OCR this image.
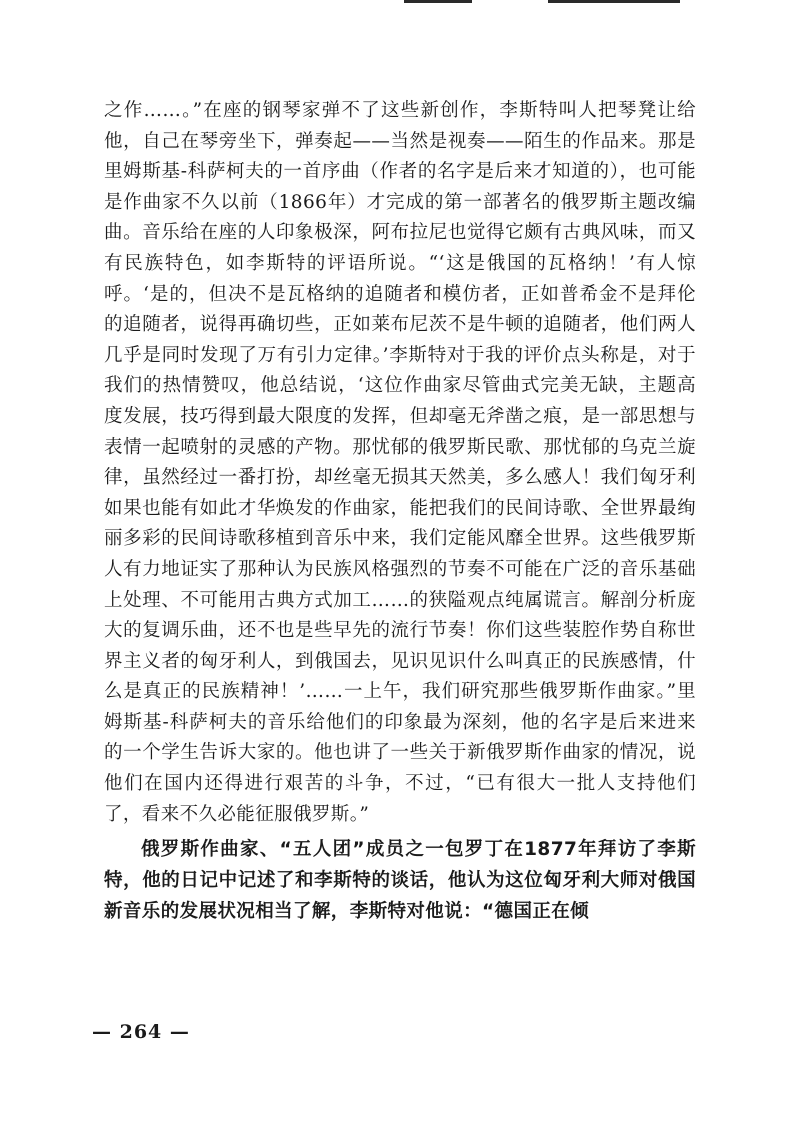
之作……。”在座的钢琴家弹不了这些新创作，李斯特叫人把琴凳让给他，自己在琴旁坐下，弹奏起——当然是视奏——陌生的作品来。那是里姆斯基-科萨柯夫的一首序曲（作者的名字是后来才知道的），也可能是作曲家不久以前（1866年）才完成的第一部著名的俄罗斯主题改编曲。音乐给在座的人印象极深，阿布拉尼也觉得它颇有古典风味，而又有民族特色，如李斯特的评语所说。“‘这是俄国的瓦格纳！’有人惊呼。‘是的，但决不是瓦格纳的追随者和模仿者，正如普希金不是拜伦的追随者，说得再确切些，正如莱布尼茨不是牛顿的追随者，他们两人几乎是同时发现了万有引力定律。’李斯特对于我的评价点头称是，对于我们的热情赞叹，他总结说，‘这位作曲家尽管曲式完美无缺，主题高度发展，技巧得到最大限度的发挥，但却毫无斧凿之痕，是一部思想与表情一起喷射的灵感的产物。那忧郁的俄罗斯民歌、那忧郁的乌克兰旋律，虽然经过一番打扮，却丝毫无损其天然美，多么感人！我们匈牙利如果也能有如此才华焕发的作曲家，能把我们的民间诗歌、全世界最绚丽多彩的民间诗歌移植到音乐中来，我们定能风靡全世界。这些俄罗斯人有力地证实了那种认为民族风格强烈的节奏不可能在广泛的音乐基础上处理、不可能用古典方式加工……的狭隘观点纯属谎言。解剖分析庞大的复调乐曲，还不也是些早先的流行节奏！你们这些装腔作势自称世界主义者的匈牙利人，到俄国去，见识见识什么叫真正的民族感情，什么是真正的民族精神！’……一上午，我们研究那些俄罗斯作曲家。”里姆斯基-科萨柯夫的音乐给他们的印象最为深刻，他的名字是后来进来的一个学生告诉大家的。他也讲了一些关于新俄罗斯作曲家的情况，说他们在国内还得进行艰苦的斗争，不过，“已有很大一批人支持他们了，看来不久必能征服俄罗斯。”

俄罗斯作曲家、“五人团”成员之一包罗丁在1877年拜访了李斯特，他的日记中记述了和李斯特的谈话，他认为这位匈牙利大师对俄国新音乐的发展状况相当了解，李斯特对他说：“德国正在倾

— 264 —
